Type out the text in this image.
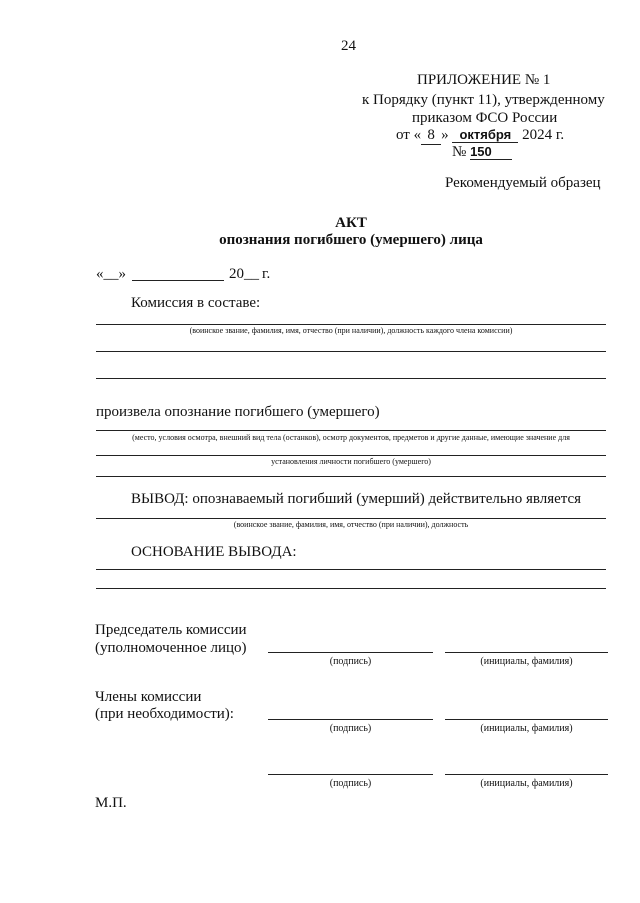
24
ПРИЛОЖЕНИЕ № 1
к Порядку (пункт 11), утвержденному
приказом ФСО России
от « 8 » октября 2024 г.
№ 150
Рекомендуемый образец
АКТ
опознания погибшего (умершего) лица
«__»	20__ г.
Комиссия в составе:
(воинское звание, фамилия, имя, отчество (при наличии), должность каждого члена комиссии)
произвела опознание погибшего (умершего)
(место, условия осмотра, внешний вид тела (останков), осмотр документов, предметов и другие данные, имеющие значение для
установления личности погибшего (умершего)
ВЫВОД: опознаваемый погибший (умерший) действительно является
(воинское звание, фамилия, имя, отчество (при наличии), должность
ОСНОВАНИЕ ВЫВОДА:
Председатель комиссии
(уполномоченное лицо)
(подпись)	(инициалы, фамилия)
Члены комиссии
(при необходимости):
(подпись)	(инициалы, фамилия)
(подпись)	(инициалы, фамилия)
М.П.
